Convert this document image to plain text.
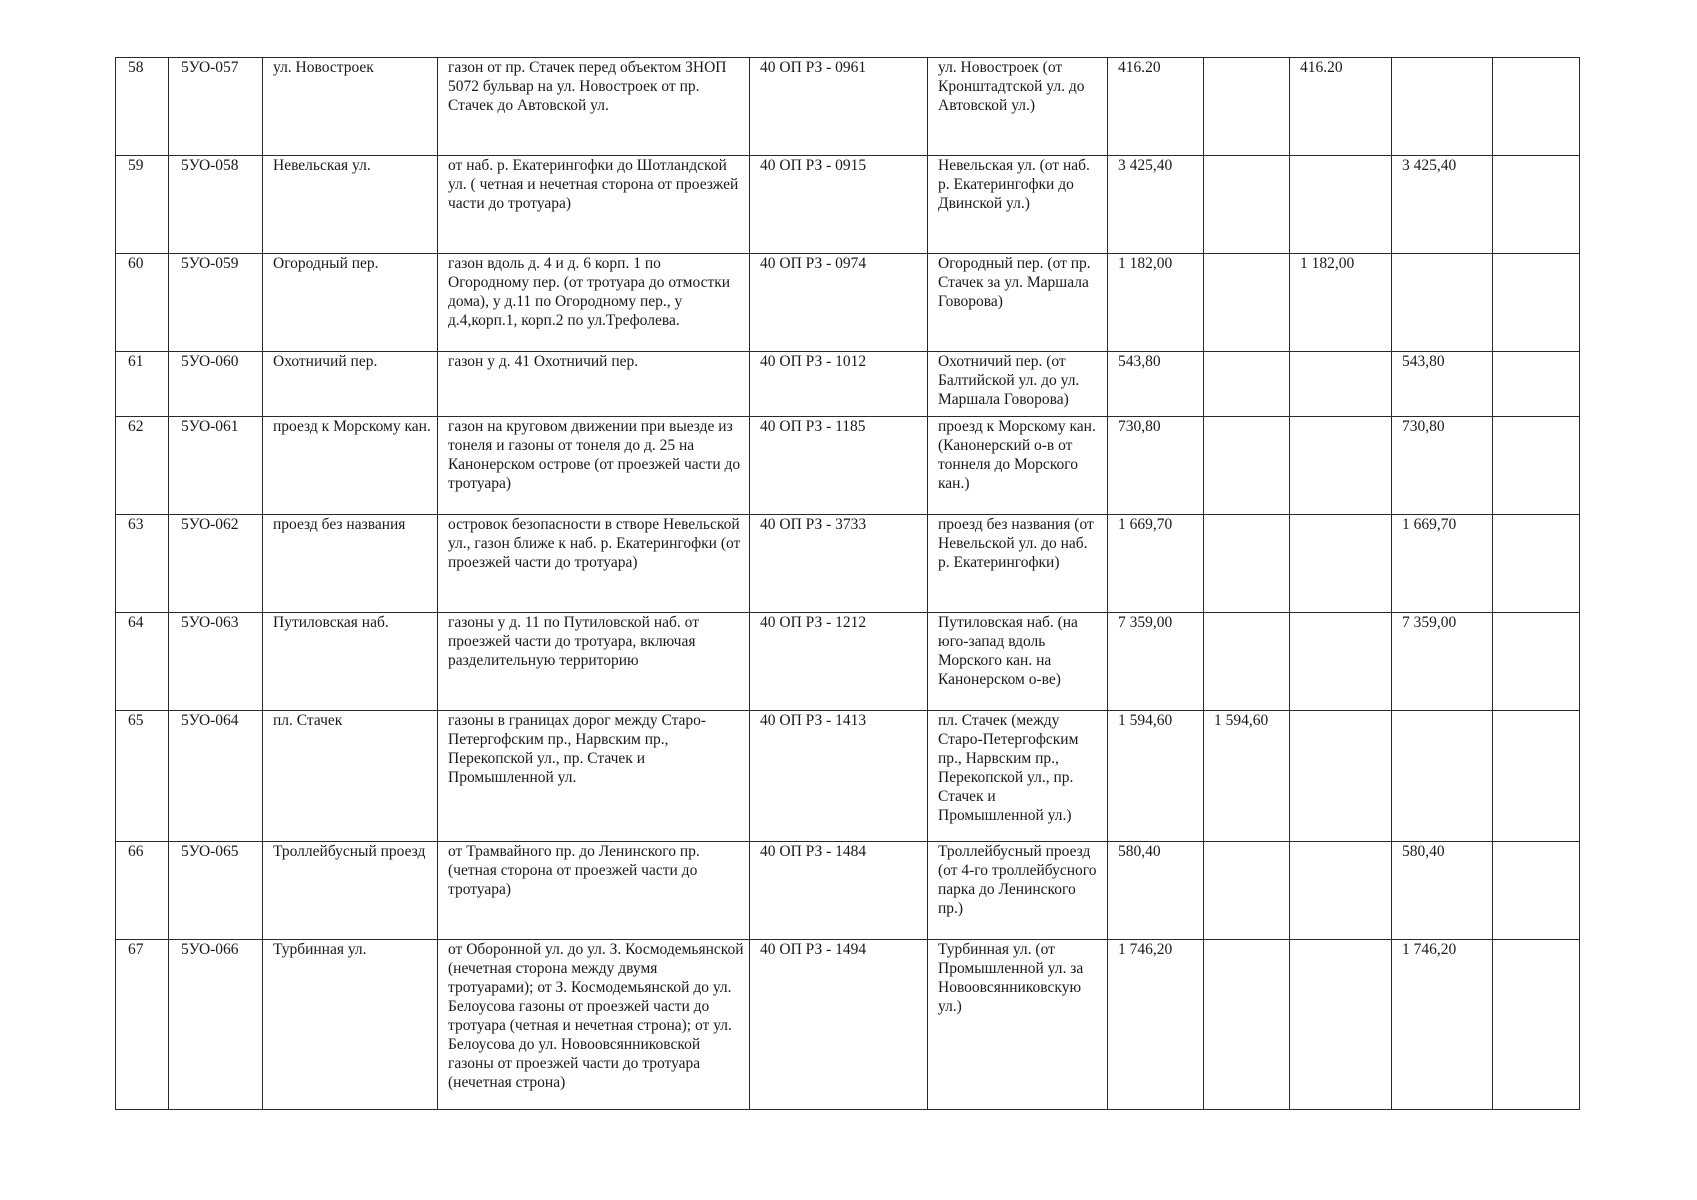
58	5УО-057	ул. Новостроек	газон от пр. Стачек перед объектом ЗНОП 5072 бульвар на ул. Новостроек от пр. Стачек до Автовской ул.	40 ОП РЗ - 0961	ул. Новостроек (от Кронштадтской ул. до Автовской ул.)	416.20		416.20		
59	5УО-058	Невельская ул.	от наб. р. Екатерингофки до Шотландской ул. ( четная и нечетная сторона от проезжей части до тротуара)	40 ОП РЗ - 0915	Невельская ул. (от наб. р. Екатерингофки до Двинской ул.)	3 425,40			3 425,40	
60	5УО-059	Огородный пер.	газон вдоль д. 4 и д. 6 корп. 1 по Огородному пер. (от тротуара до отмостки дома), у д.11 по Огородному пер., у д.4,корп.1, корп.2 по ул.Трефолева.	40 ОП РЗ - 0974	Огородный пер. (от пр. Стачек за ул. Маршала Говорова)	1 182,00		1 182,00		
61	5УО-060	Охотничий пер.	газон у д. 41 Охотничий пер.	40 ОП РЗ - 1012	Охотничий пер. (от Балтийской ул. до ул. Маршала Говорова)	543,80			543,80	
62	5УО-061	проезд к Морскому кан.	газон на круговом движении при выезде из тонеля и газоны от тонеля до д. 25 на Канонерском острове (от проезжей части до тротуара)	40 ОП РЗ - 1185	проезд к Морскому кан. (Канонерский о-в от тоннеля до Морского кан.)	730,80			730,80	
63	5УО-062	проезд без названия	островок безопасности в створе Невельской ул., газон ближе к наб. р. Екатерингофки (от проезжей части до тротуара)	40 ОП РЗ - 3733	проезд без названия (от Невельской ул. до наб. р. Екатерингофки)	1 669,70			1 669,70	
64	5УО-063	Путиловская наб.	газоны у д. 11 по Путиловской наб. от проезжей части до тротуара, включая разделительную территорию	40 ОП РЗ - 1212	Путиловская наб. (на юго-запад вдоль Морского кан. на Канонерском о-ве)	7 359,00			7 359,00	
65	5УО-064	пл. Стачек	газоны в границах дорог между Старо-Петергофским пр., Нарвским пр., Перекопской ул., пр. Стачек и Промышленной ул.	40 ОП РЗ - 1413	пл. Стачек (между Старо-Петергофским пр., Нарвским пр., Перекопской ул., пр. Стачек и Промышленной ул.)	1 594,60	1 594,60			
66	5УО-065	Троллейбусный проезд	от Трамвайного пр. до Ленинского пр. (четная сторона от проезжей части до тротуара)	40 ОП РЗ - 1484	Троллейбусный проезд (от 4-го троллейбусного парка до Ленинского пр.)	580,40			580,40	
67	5УО-066	Турбинная ул.	от Оборонной ул. до ул. З. Космодемьянской (нечетная сторона между двумя тротуарами); от З. Космодемьянской до ул. Белоусова газоны от проезжей части до тротуара (четная и нечетная строна); от ул. Белоусова до ул. Новоовсянниковской газоны от проезжей части до тротуара (нечетная строна)	40 ОП РЗ - 1494	Турбинная ул. (от Промышленной ул. за Новоовсянниковскую ул.)	1 746,20			1 746,20	
